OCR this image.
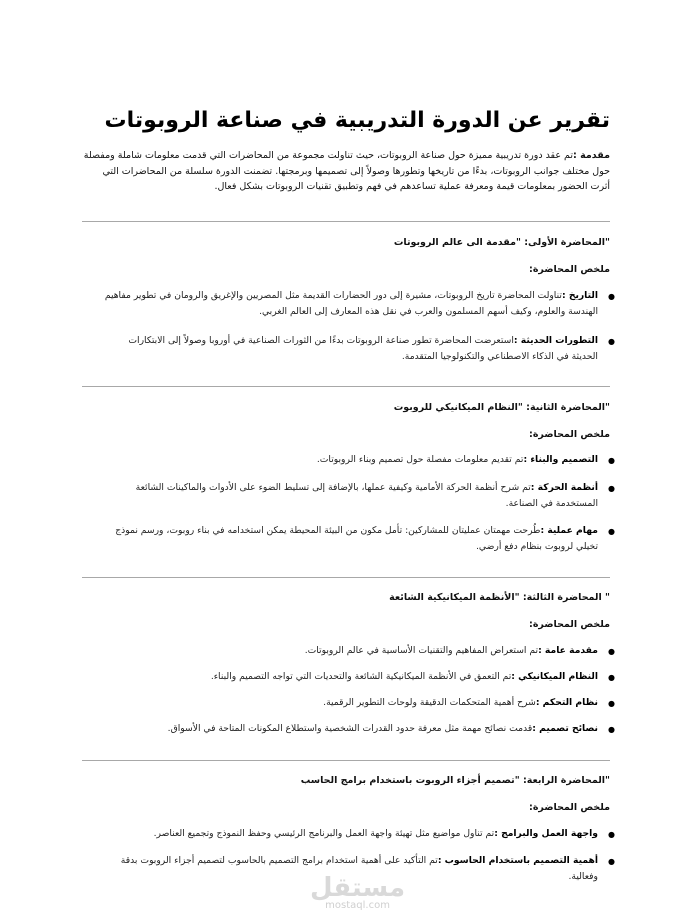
تقرير عن الدورة التدريبية في صناعة الروبوتات
مقدمة :تم عقد دورة تدريبية مميزة حول صناعة الروبوتات، حيث تناولت مجموعة من المحاضرات التي قدمت معلومات شاملة ومفصلة حول مختلف جوانب الروبوتات، بدءًا من تاريخها وتطورها وصولاً إلى تصميمها وبرمجتها. تضمنت الدورة سلسلة من المحاضرات التي أثرت الحضور بمعلومات قيمة ومعرفة عملية تساعدهم في فهم وتطبيق تقنيات الروبوتات بشكل فعال.
"المحاضرة الأولى: "مقدمة الى عالم الروبوتات
ملخص المحاضرة:
●
التاريخ :تناولت المحاضرة تاريخ الروبوتات، مشيرة إلى دور الحضارات القديمة مثل المصريين والإغريق والرومان في تطوير مفاهيم الهندسة والعلوم، وكيف أسهم المسلمون والعرب في نقل هذه المعارف إلى العالم الغربي.
●
التطورات الحديثة :استعرضت المحاضرة تطور صناعة الروبوتات بدءًا من الثورات الصناعية في أوروبا وصولاً إلى الابتكارات الحديثة في الذكاء الاصطناعي والتكنولوجيا المتقدمة.
"المحاضرة الثانية: "النظام الميكانيكي للروبوت
ملخص المحاضرة:
●
التصميم والبناء :تم تقديم معلومات مفصلة حول تصميم وبناء الروبوتات.
●
أنظمة الحركة :تم شرح أنظمة الحركة الأمامية وكيفية عملها، بالإضافة إلى تسليط الضوء على الأدوات والماكينات الشائعة المستخدمة في الصناعة.
●
مهام عملية :طُرحت مهمتان عمليتان للمشاركين: تأمل مكون من البيئة المحيطة يمكن استخدامه في بناء روبوت، ورسم نموذج تخيلي لروبوت بنظام دفع أرضي.
" المحاضرة الثالثة: "الأنظمة الميكانيكية الشائعة
ملخص المحاضرة:
●
مقدمة عامة :تم استعراض المفاهيم والتقنيات الأساسية في عالم الروبوتات.
●
النظام الميكانيكي :تم التعمق في الأنظمة الميكانيكية الشائعة والتحديات التي تواجه التصميم والبناء.
●
نظام التحكم :شرح أهمية المتحكمات الدقيقة ولوحات التطوير الرقمية.
●
نصائح تصميم :قدمت نصائح مهمة مثل معرفة حدود القدرات الشخصية واستطلاع المكونات المتاحة في الأسواق.
"المحاضرة الرابعة: "تصميم أجزاء الروبوت باستخدام برامج الحاسب
ملخص المحاضرة:
●
واجهة العمل والبرامج :تم تناول مواضيع مثل تهيئة واجهة العمل والبرنامج الرئيسي وحفظ النموذج وتجميع العناصر.
●
أهمية التصميم باستخدام الحاسوب :تم التأكيد على أهمية استخدام برامج التصميم بالحاسوب لتصميم أجزاء الروبوت بدقة وفعالية.
مستقل
mostaql.com
